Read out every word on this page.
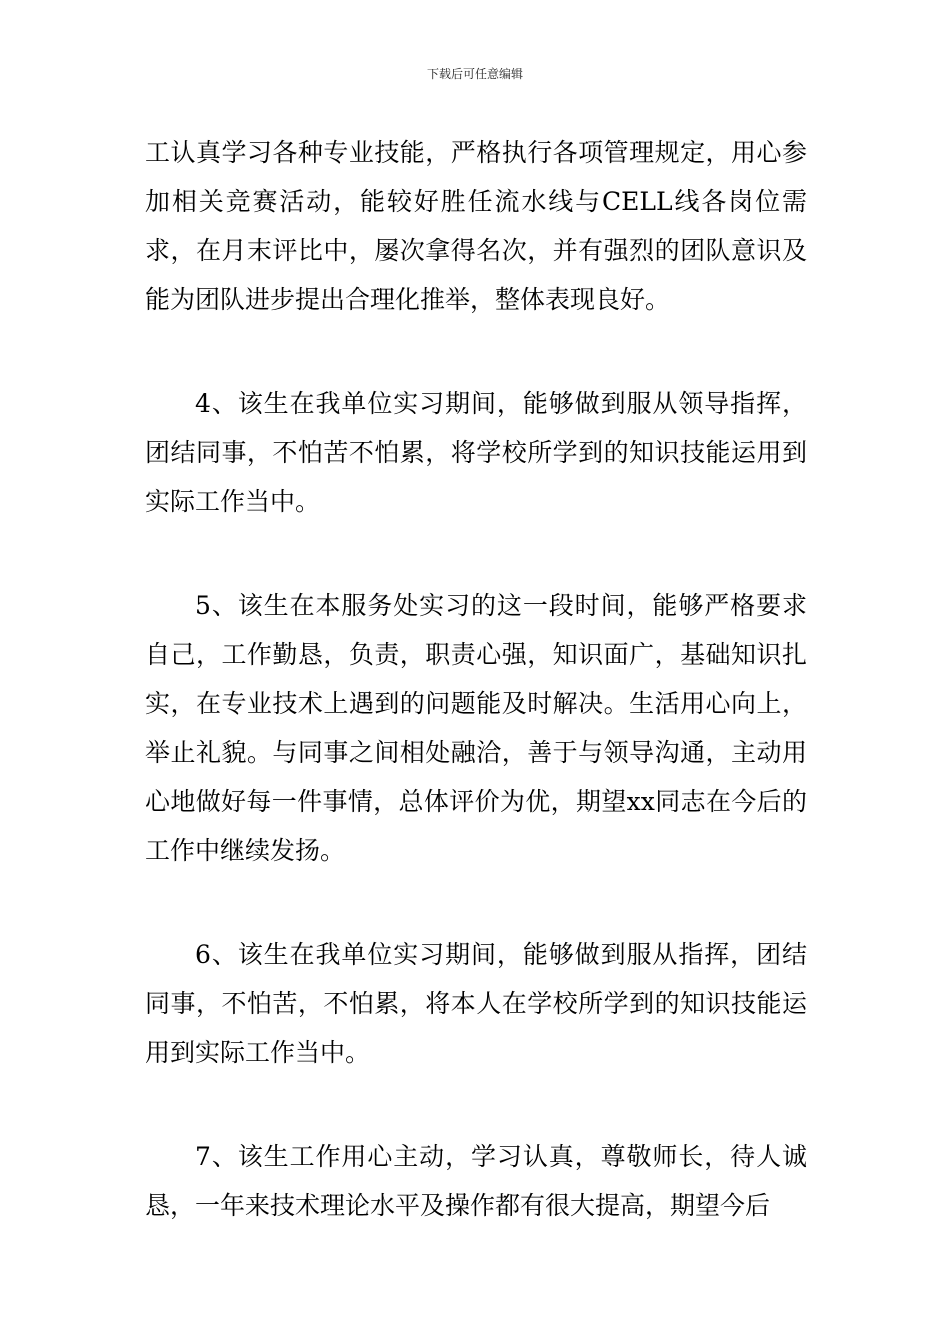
下载后可任意编辑

工认真学习各种专业技能，严格执行各项管理规定，用心参加相关竞赛活动，能较好胜任流水线与CELL线各岗位需求，在月末评比中，屡次拿得名次，并有强烈的团队意识及能为团队进步提出合理化推举，整体表现良好。

4、该生在我单位实习期间，能够做到服从领导指挥，团结同事，不怕苦不怕累，将学校所学到的知识技能运用到实际工作当中。

5、该生在本服务处实习的这一段时间，能够严格要求自己，工作勤恳，负责，职责心强，知识面广，基础知识扎实，在专业技术上遇到的问题能及时解决。生活用心向上，举止礼貌。与同事之间相处融洽，善于与领导沟通，主动用心地做好每一件事情，总体评价为优，期望xx同志在今后的工作中继续发扬。

6、该生在我单位实习期间，能够做到服从指挥，团结同事，不怕苦，不怕累，将本人在学校所学到的知识技能运用到实际工作当中。

7、该生工作用心主动，学习认真，尊敬师长，待人诚恳，一年来技术理论水平及操作都有很大提高，期望今后
